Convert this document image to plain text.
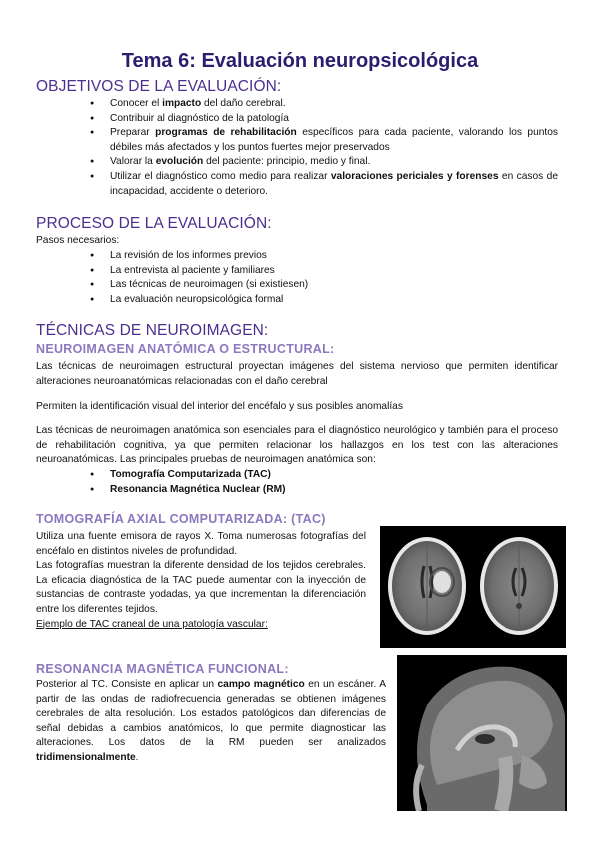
Tema 6: Evaluación neuropsicológica
OBJETIVOS DE LA EVALUACIÓN:
● Conocer el impacto del daño cerebral.
● Contribuir al diagnóstico de la patología
● Preparar programas de rehabilitación específicos para cada paciente, valorando los puntos débiles más afectados y los puntos fuertes mejor preservados
● Valorar la evolución del paciente: principio, medio y final.
● Utilizar el diagnóstico como medio para realizar valoraciones periciales y forenses en casos de incapacidad, accidente o deterioro.
PROCESO DE LA EVALUACIÓN:
Pasos necesarios:
● La revisión de los informes previos
● La entrevista al paciente y familiares
● Las técnicas de neuroimagen (si existiesen)
● La evaluación neuropsicológica formal
TÉCNICAS DE NEUROIMAGEN:
NEUROIMAGEN ANATÓMICA O ESTRUCTURAL:
Las técnicas de neuroimagen estructural proyectan imágenes del sistema nervioso que permiten identificar alteraciones neuroanatómicas relacionadas con el daño cerebral
Permiten la identificación visual del interior del encéfalo y sus posibles anomalías
Las técnicas de neuroimagen anatómica son esenciales para el diagnóstico neurológico y también para el proceso de rehabilitación cognitiva, ya que permiten relacionar los hallazgos en los test con las alteraciones neuroanatómicas. Las principales pruebas de neuroimagen anatómica son:
● Tomografía Computarizada (TAC)
● Resonancia Magnética Nuclear (RM)
TOMOGRAFÍA AXIAL COMPUTARIZADA: (TAC)
Utiliza una fuente emisora de rayos X. Toma numerosas fotografías del encéfalo en distintos niveles de profundidad.
Las fotografías muestran la diferente densidad de los tejidos cerebrales. La eficacia diagnóstica de la TAC puede aumentar con la inyección de sustancias de contraste yodadas, ya que incrementan la diferenciación entre los diferentes tejidos.
Ejemplo de TAC craneal de una patología vascular:
RESONANCIA MAGNÉTICA FUNCIONAL:
Posterior al TC. Consiste en aplicar un campo magnético en un escáner. A partir de las ondas de radiofrecuencia generadas se obtienen imágenes cerebrales de alta resolución. Los estados patológicos dan diferencias de señal debidas a cambios anatómicos, lo que permite diagnosticar las alteraciones. Los datos de la RM pueden ser analizados tridimensionalmente.
